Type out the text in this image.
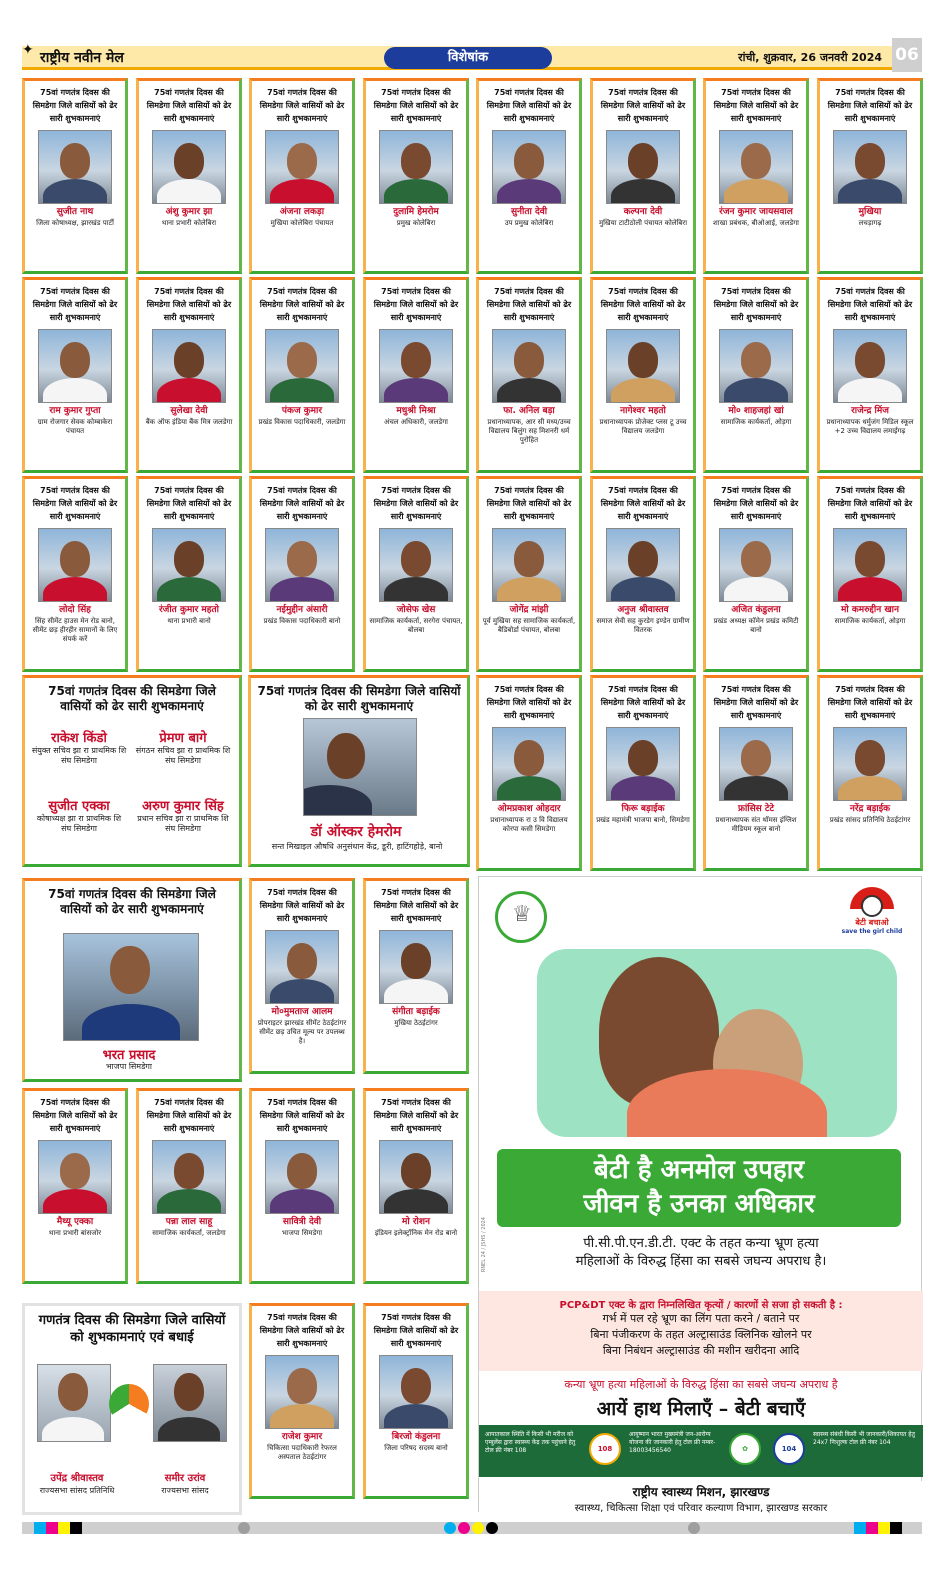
✦ राष्ट्रीय नवीन मेल	विशेषांक	रांची, शुक्रवार, 26 जनवरी 2024 06
75वां गणतंत्र दिवस की सिमडेगा जिले वासियों को ढेर सारी शुभकामनाएं
सुजीत नाथ
जिला कोषाध्यक्ष, झारखंड पार्टी
75वां गणतंत्र दिवस की सिमडेगा जिले वासियों को ढेर सारी शुभकामनाएं
अंशु कुमार झा
थाना प्रभारी कोलेबिरा
75वां गणतंत्र दिवस की सिमडेगा जिले वासियों को ढेर सारी शुभकामनाएं
अंजना लकड़ा
मुखिया कोलेबिरा पंचायत
75वां गणतंत्र दिवस की सिमडेगा जिले वासियों को ढेर सारी शुभकामनाएं
दुलामि हेमरोम
प्रमुख कोलेबिरा
75वां गणतंत्र दिवस की सिमडेगा जिले वासियों को ढेर सारी शुभकामनाएं
सुनीता देवी
उप प्रमुख कोलेबिरा
75वां गणतंत्र दिवस की सिमडेगा जिले वासियों को ढेर सारी शुभकामनाएं
कल्पना देवी
मुखिया टाटीठोली पंचायत कोलेबिरा
75वां गणतंत्र दिवस की सिमडेगा जिले वासियों को ढेर सारी शुभकामनाएं
रंजन कुमार जायसवाल
शाखा प्रबंधक, बीओआई, जलडेगा
75वां गणतंत्र दिवस की सिमडेगा जिले वासियों को ढेर सारी शुभकामनाएं
मुखिया
लचड़ागढ़
75वां गणतंत्र दिवस की सिमडेगा जिले वासियों को ढेर सारी शुभकामनाएं
राम कुमार गुप्ता
ग्राम रोजगार सेवक कोम्बाकेरा पंचायत
75वां गणतंत्र दिवस की सिमडेगा जिले वासियों को ढेर सारी शुभकामनाएं
सुलेखा देवी
बैंक ऑफ इंडिया बैंक मित्र जलडेगा
75वां गणतंत्र दिवस की सिमडेगा जिले वासियों को ढेर सारी शुभकामनाएं
पंकज कुमार
प्रखंड विकास पदाधिकारी, जलडेगा
75वां गणतंत्र दिवस की सिमडेगा जिले वासियों को ढेर सारी शुभकामनाएं
मधुश्री मिश्रा
अंचल अधिकारी, जलडेगा
75वां गणतंत्र दिवस की सिमडेगा जिले वासियों को ढेर सारी शुभकामनाएं
फा. अनिल बड़ा
प्रधानाध्यापक, आर सी मध्य/उच्च विद्यालय बिलुंग सह मिशनरी धर्म पुरोहित
75वां गणतंत्र दिवस की सिमडेगा जिले वासियों को ढेर सारी शुभकामनाएं
नागेश्वर महतो
प्रधानाध्यापक प्रोजेक्ट प्लस टू उच्च विद्यालय जलडेगा
75वां गणतंत्र दिवस की सिमडेगा जिले वासियों को ढेर सारी शुभकामनाएं
मो० शाहजहां खां
सामाजिक कार्यकर्ता, ओड़गा
75वां गणतंत्र दिवस की सिमडेगा जिले वासियों को ढेर सारी शुभकामनाएं
राजेन्द्र मिंज
प्रधानाध्यापक धर्मुजंग मिडिल स्कूल +2 उच्च विद्यालय लमाईगढ़
75वां गणतंत्र दिवस की सिमडेगा जिले वासियों को ढेर सारी शुभकामनाएं
लोदो सिंह
सिंह सीमेंट हाउस मेन रोड बानो, सीमेंट छड़ हीरहीर सामानों के लिए संपर्क करें
75वां गणतंत्र दिवस की सिमडेगा जिले वासियों को ढेर सारी शुभकामनाएं
रंजीत कुमार महतो
थाना प्रभारी बानो
75वां गणतंत्र दिवस की सिमडेगा जिले वासियों को ढेर सारी शुभकामनाएं
नईमुद्दीन अंसारी
प्रखंड विकास पदाधिकारी बानो
75वां गणतंत्र दिवस की सिमडेगा जिले वासियों को ढेर सारी शुभकामनाएं
जोसेफ खेस
सामाजिक कार्यकर्ता, सरगेरा पंचायत, बोलबा
75वां गणतंत्र दिवस की सिमडेगा जिले वासियों को ढेर सारी शुभकामनाएं
जोगेंद्र मांझी
पूर्व मुखिया सह सामाजिक कार्यकर्ता, बैडिबोर्डा पंचायत, बोलबा
75वां गणतंत्र दिवस की सिमडेगा जिले वासियों को ढेर सारी शुभकामनाएं
अनुज श्रीवास्तव
समाज सेवी सह कुरडेग इण्डेन ग्रामीण वितरक
75वां गणतंत्र दिवस की सिमडेगा जिले वासियों को ढेर सारी शुभकामनाएं
अजित कंडुलना
प्रखंड अध्यक्ष कॉमेन प्रखंड कमिटी बानो
75वां गणतंत्र दिवस की सिमडेगा जिले वासियों को ढेर सारी शुभकामनाएं
मो कमरुद्दीन खान
सामाजिक कार्यकर्ता, ओड़गा
75वां गणतंत्र दिवस की सिमडेगा जिले वासियों को ढेर सारी शुभकामनाएं
ओमप्रकाश ओहदार
प्रधानाध्यापक रा उ वि विद्यालय कोरपा कसी सिमडेगा
75वां गणतंत्र दिवस की सिमडेगा जिले वासियों को ढेर सारी शुभकामनाएं
फिरू बड़ाईक
प्रखंड महामंत्री भाजपा बानो, सिमडेगा
75वां गणतंत्र दिवस की सिमडेगा जिले वासियों को ढेर सारी शुभकामनाएं
फ्रांसिस टेटे
प्रधानाध्यापक संत थॉमस इंग्लिश मीडियम स्कूल बानो
75वां गणतंत्र दिवस की सिमडेगा जिले वासियों को ढेर सारी शुभकामनाएं
नरेंद्र बड़ाईक
प्रखंड सांसद प्रतिनिधि ठेठईटांगर
75वां गणतंत्र दिवस की सिमडेगा जिले वासियों को ढेर सारी शुभकामनाएं
मो०मुमताज आलम
प्रोपराइटर झारखंड सीमेंट ठेठईटांगर सीमेंट छड़ उचित मूल्य पर उपलब्ध है।
75वां गणतंत्र दिवस की सिमडेगा जिले वासियों को ढेर सारी शुभकामनाएं
संगीता बड़ाईक
मुखिया ठेठईटांगर
75वां गणतंत्र दिवस की सिमडेगा जिले वासियों को ढेर सारी शुभकामनाएं
मैथ्यू एक्का
थाना प्रभारी बांसजोर
75वां गणतंत्र दिवस की सिमडेगा जिले वासियों को ढेर सारी शुभकामनाएं
पन्ना लाल साहू
सामाजिक कार्यकर्ता, जलडेगा
75वां गणतंत्र दिवस की सिमडेगा जिले वासियों को ढेर सारी शुभकामनाएं
सावित्री देवी
भाजपा सिमडेगा
75वां गणतंत्र दिवस की सिमडेगा जिले वासियों को ढेर सारी शुभकामनाएं
मो रोशन
इंडियन इलेक्ट्रॉनिक मेन रोड बानो
75वां गणतंत्र दिवस की सिमडेगा जिले वासियों को ढेर सारी शुभकामनाएं
राजेश कुमार
चिकित्सा पदाधिकारी रेफरल अस्पताल ठेठईटांगर
75वां गणतंत्र दिवस की सिमडेगा जिले वासियों को ढेर सारी शुभकामनाएं
बिरजो कंडुलना
जिला परिषद सदस्य बानो
75वां गणतंत्र दिवस की सिमडेगा जिले वासियों को ढेर सारी शुभकामनाएं
राकेश किंडो
संयुक्त सचिव झा रा प्राथमिक शि संघ सिमडेगा
प्रेमण बागे
संगठन सचिव झा रा प्राथमिक शि संघ सिमडेगा
सुजीत एक्का
कोषाध्यक्ष झा रा प्राथमिक शि संघ सिमडेगा
अरुण कुमार सिंह
प्रधान सचिव झा रा प्राथमिक शि संघ सिमडेगा
75वां गणतंत्र दिवस की सिमडेगा जिले वासियों को ढेर सारी शुभकामनाएं
डॉ ऑस्कर हेमरोम
सन्त मिखाइल औषधि अनुसंधान केंद्र, डूरी, हाटिंगहोड़े, बानो
75वां गणतंत्र दिवस की सिमडेगा जिले वासियों को ढेर सारी शुभकामनाएं
भरत प्रसाद
भाजपा सिमडेगा
गणतंत्र दिवस की सिमडेगा जिले वासियों को शुभकामनाएं एवं बधाई
उपेंद्र श्रीवास्तव
राज्यसभा सांसद प्रतिनिधि
समीर उरांव
राज्यसभा सांसद
♕	बेटी बचाओ
save the girl child
बेटी है अनमोल उपहार
जीवन है उनका अधिकार
पी.सी.पी.एन.डी.टी. एक्ट के तहत कन्या भ्रूण हत्या
महिलाओं के विरुद्ध हिंसा का सबसे जघन्य अपराध है।
PCP&DT एक्ट के द्वारा निम्नलिखित कृत्यों / कारणों से सजा हो सकती है :
गर्भ में पल रहे भ्रूण का लिंग पता करने / बताने पर
बिना पंजीकरण के तहत अल्ट्रासाउंड क्लिनिक खोलने पर
बिना निबंधन अल्ट्रासाउंड की मशीन खरीदना आदि
कन्या भ्रूण हत्या महिलाओं के विरुद्ध हिंसा का सबसे जघन्य अपराध है
आयें हाथ मिलाएँ – बेटी बचाएँ
आपातकाल स्थिति में किसी भी मरीज को एम्बुलेंस द्वारा स्वास्थ्य केंद्र तक पहुंचाने हेतु टोल फ्री नंबर 108	108
आयुष्मान भारत मुख्यमंत्री जन-आरोग्य योजना की जानकारी हेतु टोल फ्री नम्बर- 18003456540	✿	104
स्वास्थ्य संबंधी किसी भी जानकारी/शिकायत हेतु 24x7 निःशुल्क टोल फ्री नंबर 104
राष्ट्रीय स्वास्थ्य मिशन, झारखण्ड
स्वास्थ्य, चिकित्सा शिक्षा एवं परिवार कल्याण विभाग, झारखण्ड सरकार
RNEL 24 / JSHS / 2024
